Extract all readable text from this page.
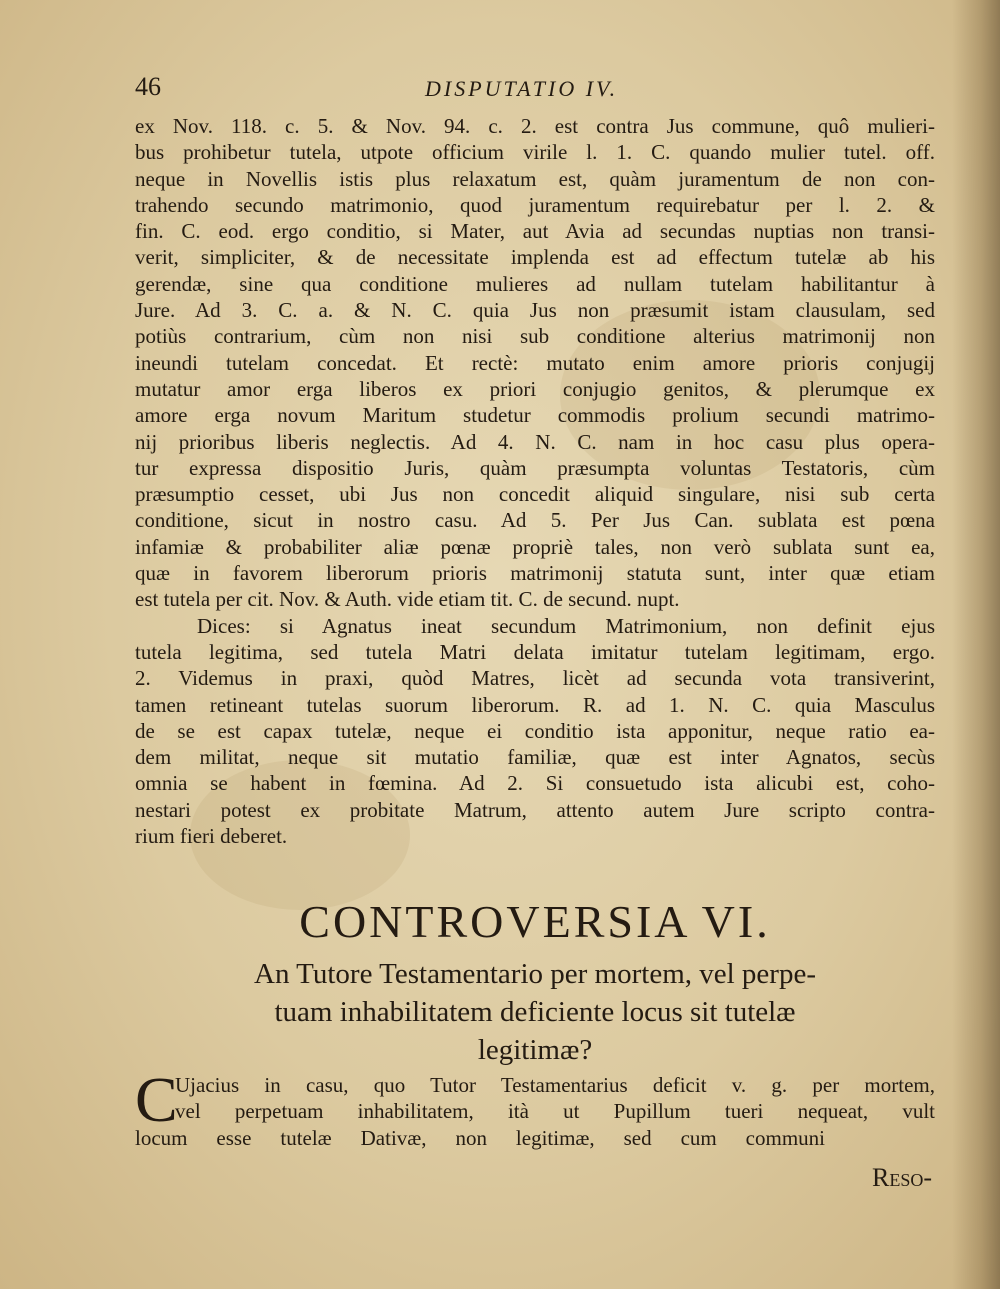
46	DISPUTATIO IV.
ex Nov. 118. c. 5. & Nov. 94. c. 2. est contra Jus commune, quô mulieri-
bus prohibetur tutela, utpote officium virile l. 1. C. quando mulier tutel. off.
neque in Novellis istis plus relaxatum est, quàm juramentum de non con-
trahendo secundo matrimonio, quod juramentum requirebatur per l. 2. &
fin. C. eod. ergo conditio, si Mater, aut Avia ad secundas nuptias non transi-
verit, simpliciter, & de necessitate implenda est ad effectum tutelæ ab his
gerendæ, sine qua conditione mulieres ad nullam tutelam habilitantur à
Jure. Ad 3. C. a. & N. C. quia Jus non præsumit istam clausulam, sed
potiùs contrarium, cùm non nisi sub conditione alterius matrimonij non
ineundi tutelam concedat. Et rectè: mutato enim amore prioris conjugij
mutatur amor erga liberos ex priori conjugio genitos, & plerumque ex
amore erga novum Maritum studetur commodis prolium secundi matrimo-
nij prioribus liberis neglectis. Ad 4. N. C. nam in hoc casu plus opera-
tur expressa dispositio Juris, quàm præsumpta voluntas Testatoris, cùm
præsumptio cesset, ubi Jus non concedit aliquid singulare, nisi sub certa
conditione, sicut in nostro casu. Ad 5. Per Jus Can. sublata est pœna
infamiæ & probabiliter aliæ pœnæ propriè tales, non verò sublata sunt ea,
quæ in favorem liberorum prioris matrimonij statuta sunt, inter quæ etiam
est tutela per cit. Nov. & Auth. vide etiam tit. C. de secund. nupt.
Dices: si Agnatus ineat secundum Matrimonium, non definit ejus
tutela legitima, sed tutela Matri delata imitatur tutelam legitimam, ergo.
2. Videmus in praxi, quòd Matres, licèt ad secunda vota transiverint,
tamen retineant tutelas suorum liberorum. R. ad 1. N. C. quia Masculus
de se est capax tutelæ, neque ei conditio ista apponitur, neque ratio ea-
dem militat, neque sit mutatio familiæ, quæ est inter Agnatos, secùs
omnia se habent in fœmina. Ad 2. Si consuetudo ista alicubi est, coho-
nestari potest ex probitate Matrum, attento autem Jure scripto contra-
rium fieri deberet.
CONTROVERSIA VI.
An Tutore Testamentario per mortem, vel perpe-
tuam inhabilitatem deficiente locus sit tutelæ
legitimæ?
C
Ujacius in casu, quo Tutor Testamentarius deficit v. g. per mortem,
vel perpetuam inhabilitatem, ità ut Pupillum tueri nequeat, vult
locum esse tutelæ Dativæ, non legitimæ, sed cum communi
Reso-
